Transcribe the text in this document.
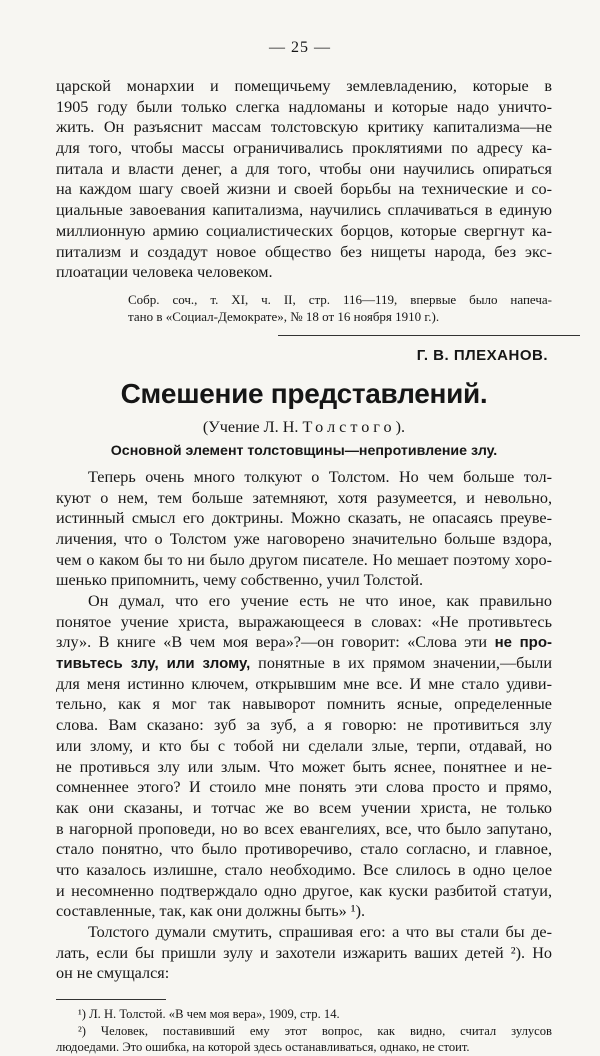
— 25 —
царской монархии и помещичьему землевладению, которые в
1905 году были только слегка надломаны и которые надо уничто-
жить. Он разъяснит массам толстовскую критику капитализма—не
для того, чтобы массы ограничивались проклятиями по адресу ка-
питала и власти денег, а для того, чтобы они научились опираться
на каждом шагу своей жизни и своей борьбы на технические и со-
циальные завоевания капитализма, научились сплачиваться в единую
миллионную армию социалистических борцов, которые свергнут ка-
питализм и создадут новое общество без нищеты народа, без экс-
плоатации человека человеком.
Собр. соч., т. XI, ч. II, стр. 116—119, впервые было напеча-
тано в «Социал-Демократе», № 18 от 16 ноября 1910 г.).
Г. В. ПЛЕХАНОВ.
Смешение представлений.
(Учение Л. Н. Толстого).
Основной элемент толстовщины—непротивление злу.
Теперь очень много толкуют о Толстом. Но чем больше тол-
куют о нем, тем больше затемняют, хотя разумеется, и невольно,
истинный смысл его доктрины. Можно сказать, не опасаясь преуве-
личения, что о Толстом уже наговорено значительно больше вздора,
чем о каком бы то ни было другом писателе. Но мешает поэтому хоро-
шенько припомнить, чему собственно, учил Толстой.
Он думал, что его учение есть не что иное, как правильно
понятое учение христа, выражающееся в словах: «Не противьтесь
злу». В книге «В чем моя вера»?—он говорит: «Слова эти не про-
тивьтесь злу, или злому, понятные в их прямом значении,—были
для меня истинно ключем, открывшим мне все. И мне стало удиви-
тельно, как я мог так навыворот помнить ясные, определенные
слова. Вам сказано: зуб за зуб, а я говорю: не противиться злу
или злому, и кто бы с тобой ни сделали злые, терпи, отдавай, но
не противься злу или злым. Что может быть яснее, понятнее и не-
сомненнее этого? И стоило мне понять эти слова просто и прямо,
как они сказаны, и тотчас же во всем учении христа, не только
в нагорной проповеди, но во всех евангелиях, все, что было запутано,
стало понятно, что было противоречиво, стало согласно, и главное,
что казалось излишне, стало необходимо. Все слилось в одно целое
и несомненно подтверждало одно другое, как куски разбитой статуи,
составленные, так, как они должны быть» ¹).
Толстого думали смутить, спрашивая его: а что вы стали бы де-
лать, если бы пришли зулу и захотели изжарить ваших детей ²). Но
он не смущался:
¹) Л. Н. Толстой. «В чем моя вера», 1909, стр. 14.
²) Человек, поставивший ему этот вопрос, как видно, считал зулусов
людоедами. Это ошибка, на которой здесь останавливаться, однако, не стоит.
